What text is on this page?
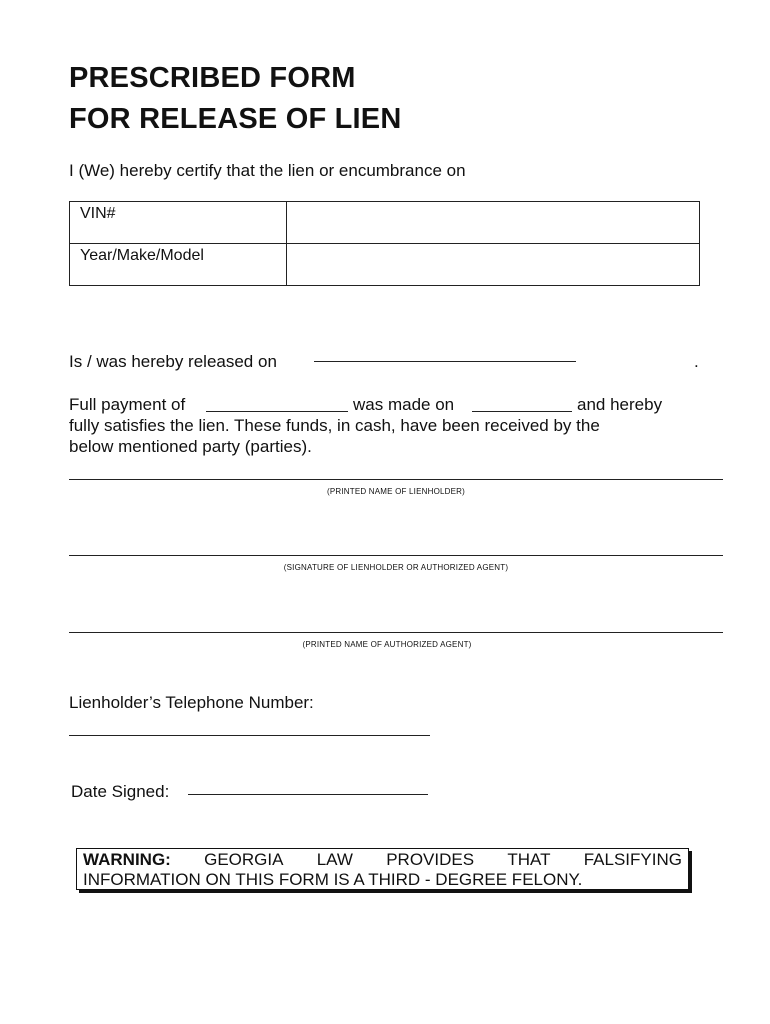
PRESCRIBED FORM
FOR RELEASE OF LIEN
I (We) hereby certify that the lien or encumbrance on
VIN#
Year/Make/Model
Is / was hereby released on	.
Full payment of	was made on	and hereby
fully satisfies the lien. These funds, in cash, have been received by the
below mentioned party (parties).
(PRINTED NAME OF LIENHOLDER)
(SIGNATURE OF LIENHOLDER OR AUTHORIZED AGENT)
(PRINTED NAME OF AUTHORIZED AGENT)
Lienholder’s Telephone Number:
Date Signed:
WARNING: GEORGIA LAW PROVIDES THAT FALSIFYING
INFORMATION ON THIS FORM IS A THIRD - DEGREE FELONY.
